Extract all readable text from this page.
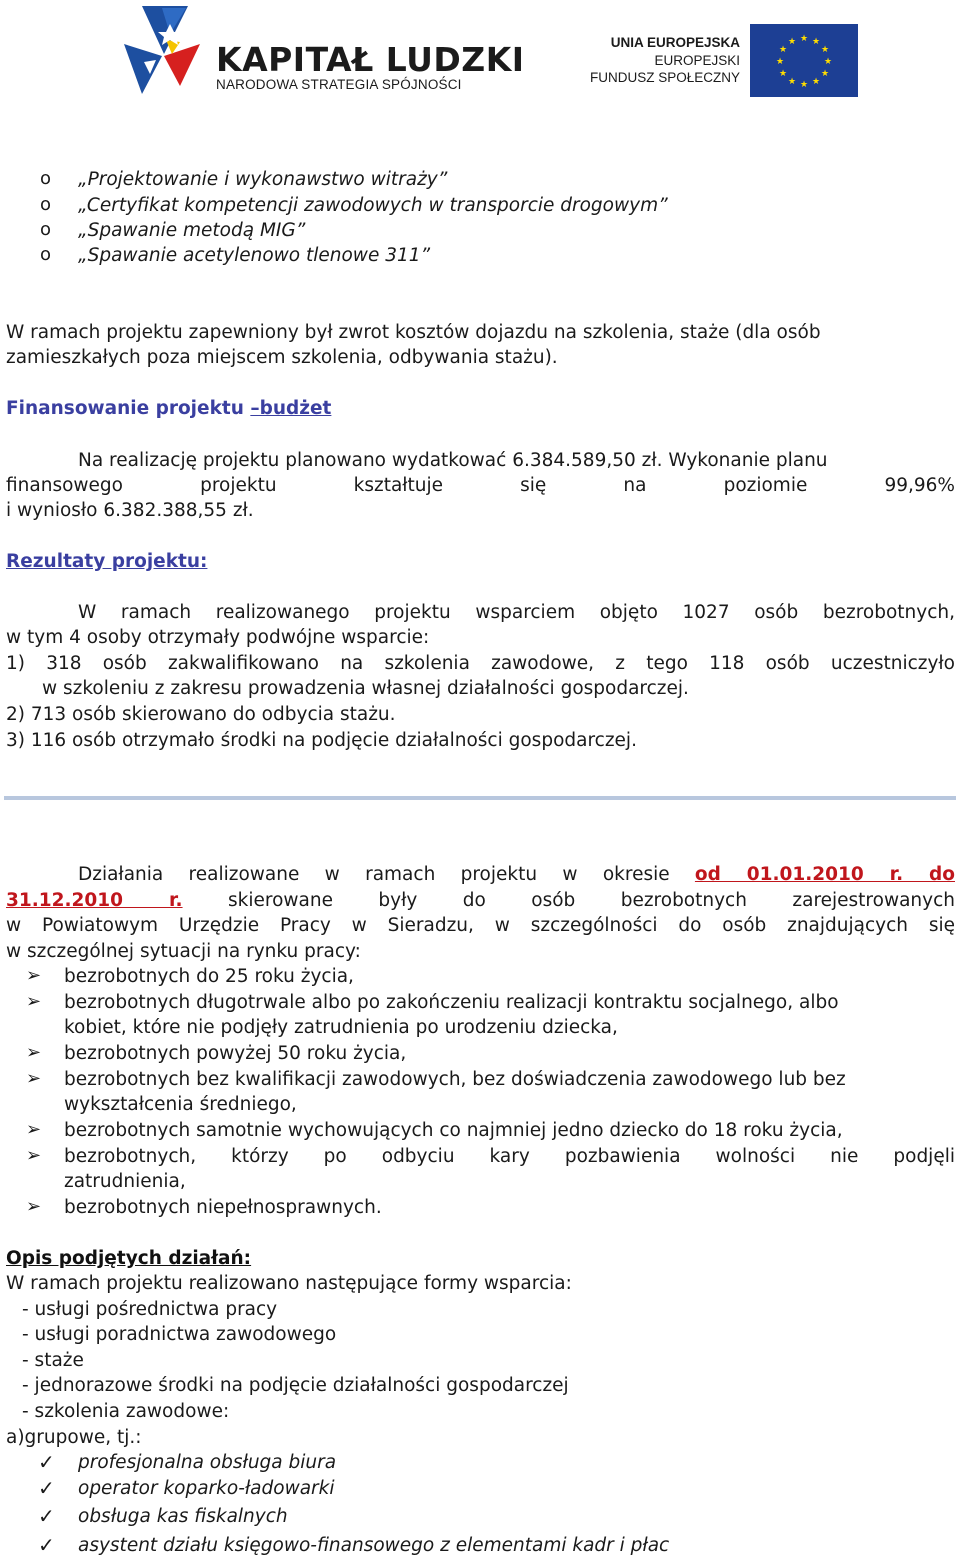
KAPITAŁ LUDZKI
NARODOWA STRATEGIA SPÓJNOŚCI
UNIA EUROPEJSKA
EUROPEJSKI
FUNDUSZ SPOŁECZNY
★ ★
★
★
★
★
★
★
★
★
★
★
o „Projektowanie i wykonawstwo witraży”
o „Certyfikat kompetencji zawodowych w transporcie drogowym”
o „Spawanie metodą MIG”
o „Spawanie acetylenowo tlenowe 311”
W ramach projektu zapewniony był zwrot kosztów dojazdu na szkolenia, staże (dla osób
zamieszkałych poza miejscem szkolenia, odbywania stażu).
Finansowanie projektu –budżet
Na realizację projektu planowano wydatkować 6.384.589,50 zł. Wykonanie planu
finansowego projektu kształtuje się na poziomie 99,96%
i wyniosło 6.382.388,55 zł.
Rezultaty projektu:
W ramach realizowanego projektu wsparciem objęto 1027 osób bezrobotnych,
w tym 4 osoby otrzymały podwójne wsparcie:
1) 318 osób zakwalifikowano na szkolenia zawodowe, z tego 118 osób uczestniczyło
w szkoleniu z zakresu prowadzenia własnej działalności gospodarczej.
2) 713 osób skierowano do odbycia stażu.
3) 116 osób otrzymało środki na podjęcie działalności gospodarczej.
Działania realizowane w ramach projektu w okresie od 01.01.2010 r. do
31.12.2010 r. skierowane były do osób bezrobotnych zarejestrowanych
w Powiatowym Urzędzie Pracy w Sieradzu, w szczególności do osób znajdujących się
w szczególnej sytuacji na rynku pracy:
➢ bezrobotnych do 25 roku życia,
➢ bezrobotnych długotrwale albo po zakończeniu realizacji kontraktu socjalnego, albo
kobiet, które nie podjęły zatrudnienia po urodzeniu dziecka,
➢ bezrobotnych powyżej 50 roku życia,
➢ bezrobotnych bez kwalifikacji zawodowych, bez doświadczenia zawodowego lub bez
wykształcenia średniego,
➢ bezrobotnych samotnie wychowujących co najmniej jedno dziecko do 18 roku życia,
➢ bezrobotnych, którzy po odbyciu kary pozbawienia wolności nie podjęli
zatrudnienia,
➢ bezrobotnych niepełnosprawnych.
Opis podjętych działań:
W ramach projektu realizowano następujące formy wsparcia:
- usługi pośrednictwa pracy
- usługi poradnictwa zawodowego
- staże
- jednorazowe środki na podjęcie działalności gospodarczej
- szkolenia zawodowe:
a)grupowe, tj.:
✓ profesjonalna obsługa biura
✓ operator koparko-ładowarki
✓ obsługa kas fiskalnych
✓ asystent działu księgowo-finansowego z elementami kadr i płac
